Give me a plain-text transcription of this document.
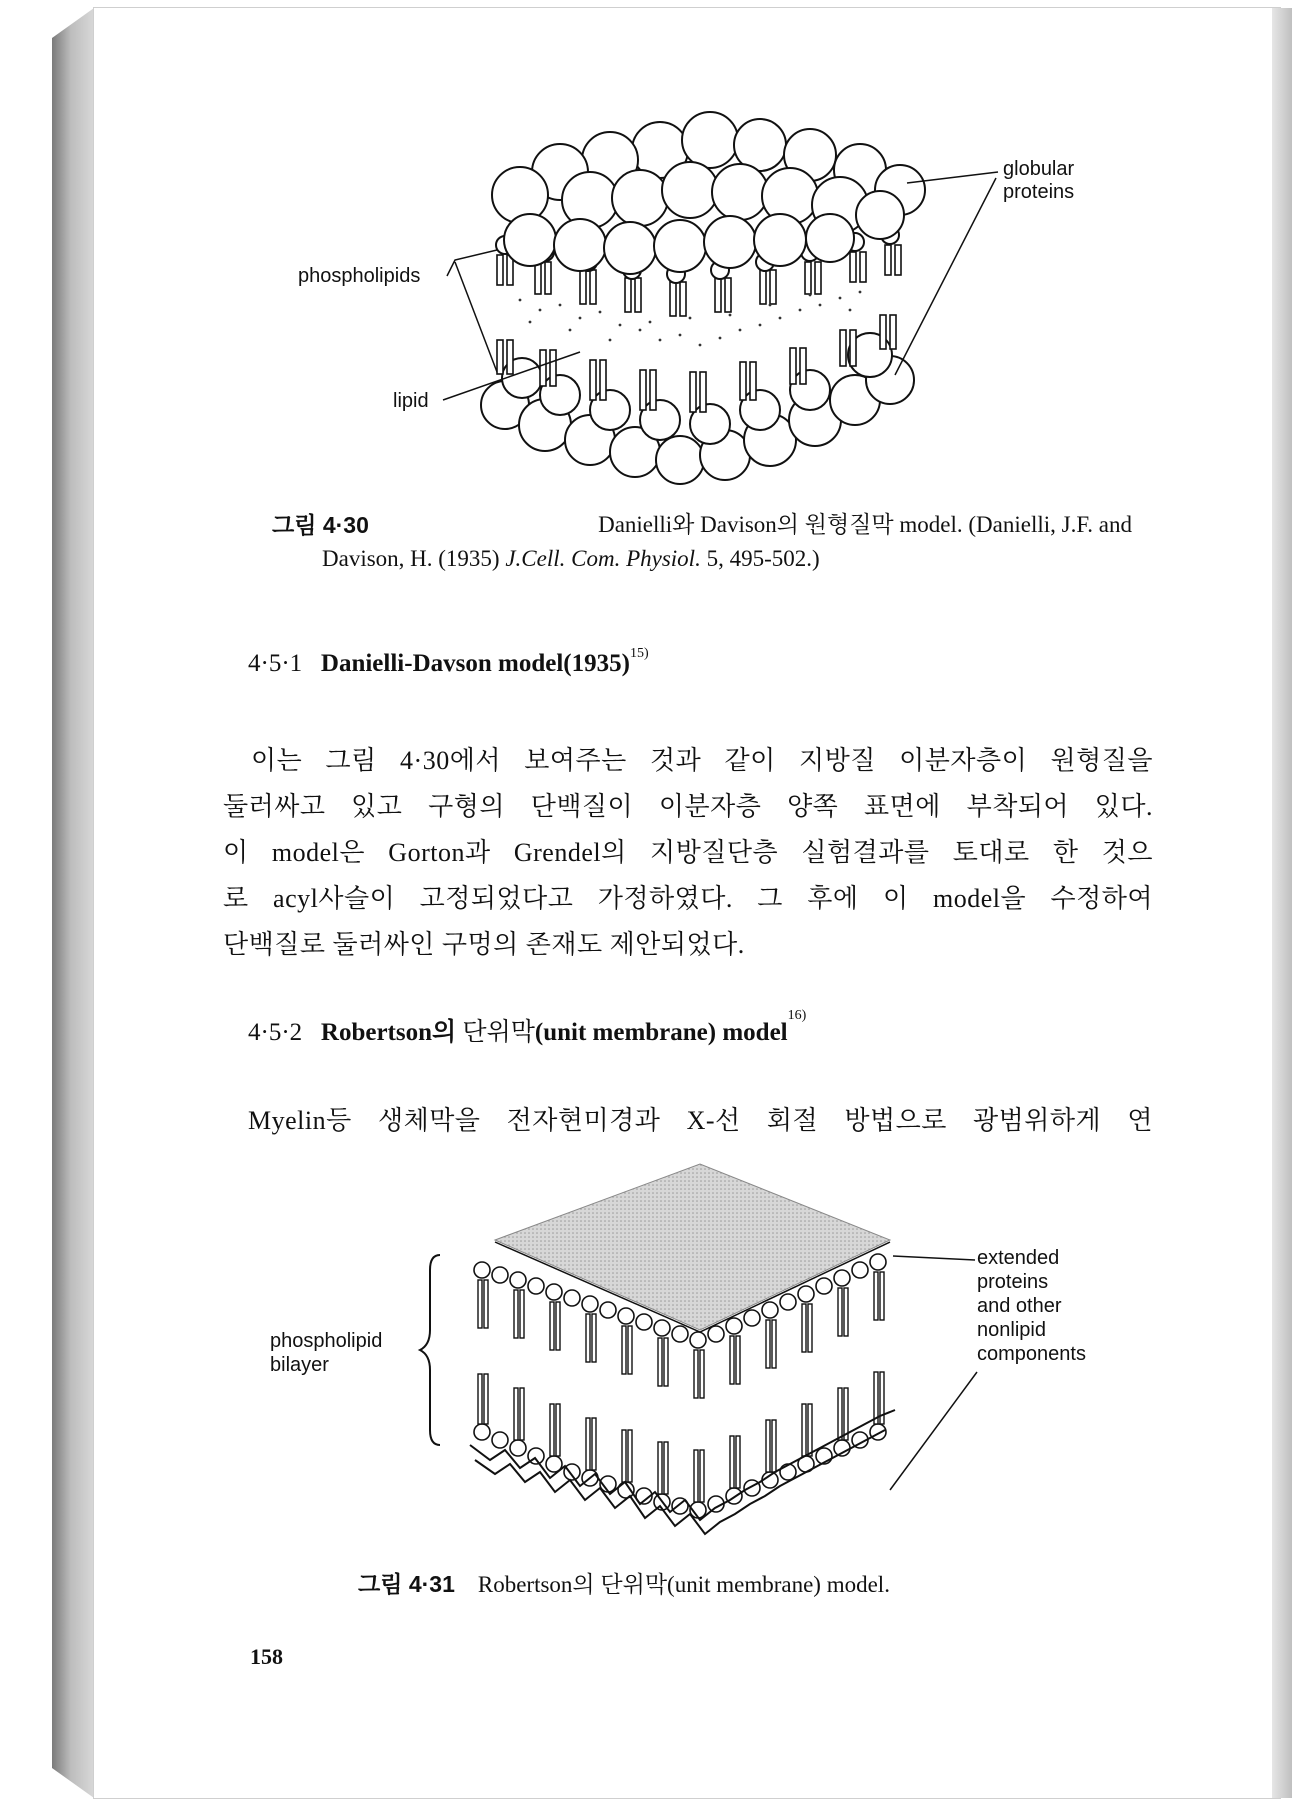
globular
proteins
phospholipids
lipid
그림 4·30	Danielli와 Davison의 원형질막 model. (Danielli, J.F. and
Davison, H. (1935) J.Cell. Com. Physiol. 5, 495-502.)
4·5·1 Danielli-Davson $model(1935)^{15)}$
이는 그림 4·30에서 보여주는 것과 같이 지방질 이분자층이 원형질을
둘러싸고 있고 구형의 단백질이 이분자층 양쪽 표면에 부착되어 있다.
이 model은 Gorton과 Grendel의 지방질단층 실험결과를 토대로 한 것으
로 acyl사슬이 고정되었다고 가정하였다. 그 후에 이 model을 수정하여
단백질로 둘러싸인 구멍의 존재도 제안되었다.
4·5·2 Robertson의 단위막(unit membrane) model$^{16)}$
Myelin등 생체막을 전자현미경과 X-선 회절 방법으로 광범위하게 연
extended
proteins
and other
nonlipid
components
phospholipid
bilayer
그림 4·31 Robertson의 단위막(unit membrane) model.
158
